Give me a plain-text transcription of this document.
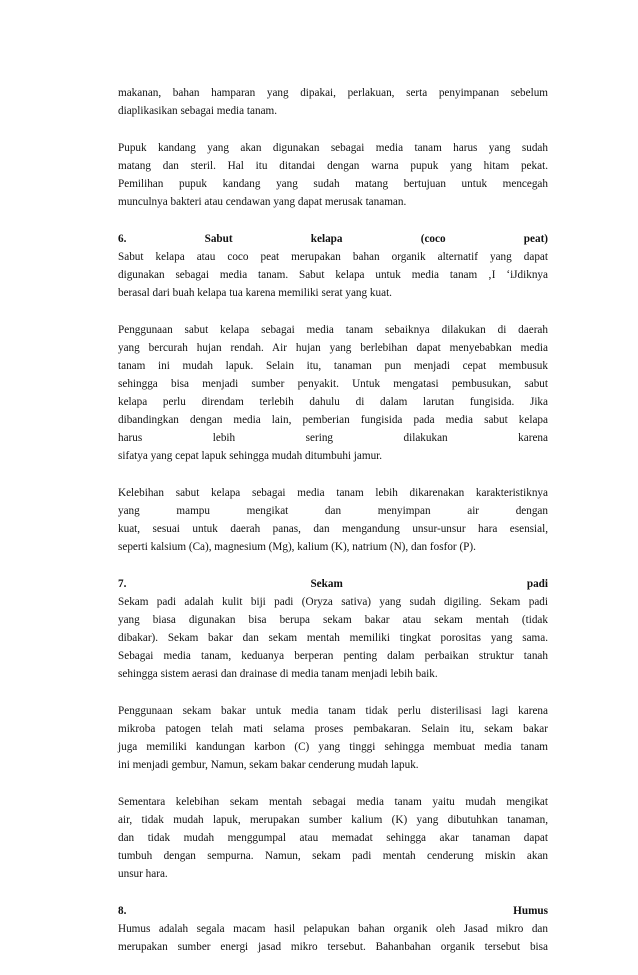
makanan, bahan hamparan yang dipakai, perlakuan, serta penyimpanan sebelum
diaplikasikan sebagai media tanam.
Pupuk kandang yang akan digunakan sebagai media tanam harus yang sudah
matang dan steril. Hal itu ditandai dengan warna pupuk yang hitam pekat.
Pemilihan pupuk kandang yang sudah matang bertujuan untuk mencegah
munculnya bakteri atau cendawan yang dapat merusak tanaman.
6.	Sabut	kelapa	(coco	peat)
Sabut kelapa atau coco peat merupakan bahan organik alternatif yang dapat
digunakan sebagai media tanam. Sabut kelapa untuk media tanam ‚I ‘iJdiknya
berasal dari buah kelapa tua karena memiliki serat yang kuat.
Penggunaan sabut kelapa sebagai media tanam sebaiknya dilakukan di daerah
yang bercurah hujan rendah. Air hujan yang berlebihan dapat menyebabkan media
tanam ini mudah lapuk. Selain itu, tanaman pun menjadi cepat membusuk
sehingga bisa menjadi sumber penyakit. Untuk mengatasi pembusukan, sabut
kelapa perlu direndam terlebih dahulu di dalam larutan fungisida. Jika
dibandingkan dengan media lain, pemberian fungisida pada media sabut kelapa
harus lebih sering dilakukan karena
sifatya yang cepat lapuk sehingga mudah ditumbuhi jamur.
Kelebihan sabut kelapa sebagai media tanam lebih dikarenakan karakteristiknya
yang mampu mengikat dan menyimpan air dengan
kuat, sesuai untuk daerah panas, dan mengandung unsur-unsur hara esensial,
seperti kalsium (Ca), magnesium (Mg), kalium (K), natrium (N), dan fosfor (P).
7.	Sekam	padi
Sekam padi adalah kulit biji padi (Oryza sativa) yang sudah digiling. Sekam padi
yang biasa digunakan bisa berupa sekam bakar atau sekam mentah (tidak
dibakar). Sekam bakar dan sekam mentah memiliki tingkat porositas yang sama.
Sebagai media tanam, keduanya berperan penting dalam perbaikan struktur tanah
sehingga sistem aerasi dan drainase di media tanam menjadi lebih baik.
Penggunaan sekam bakar untuk media tanam tidak perlu disterilisasi lagi karena
mikroba patogen telah mati selama proses pembakaran. Selain itu, sekam bakar
juga memiliki kandungan karbon (C) yang tinggi sehingga membuat media tanam
ini menjadi gembur, Namun, sekam bakar cenderung mudah lapuk.
Sementara kelebihan sekam mentah sebagai media tanam yaitu mudah mengikat
air, tidak mudah lapuk, merupakan sumber kalium (K) yang dibutuhkan tanaman,
dan tidak mudah menggumpal atau memadat sehingga akar tanaman dapat
tumbuh dengan sempurna. Namun, sekam padi mentah cenderung miskin akan
unsur hara.
8.	Humus
Humus adalah segala macam hasil pelapukan bahan organik oleh Jasad mikro dan
merupakan sumber energi jasad mikro tersebut. Bahanbahan organik tersebut bisa
